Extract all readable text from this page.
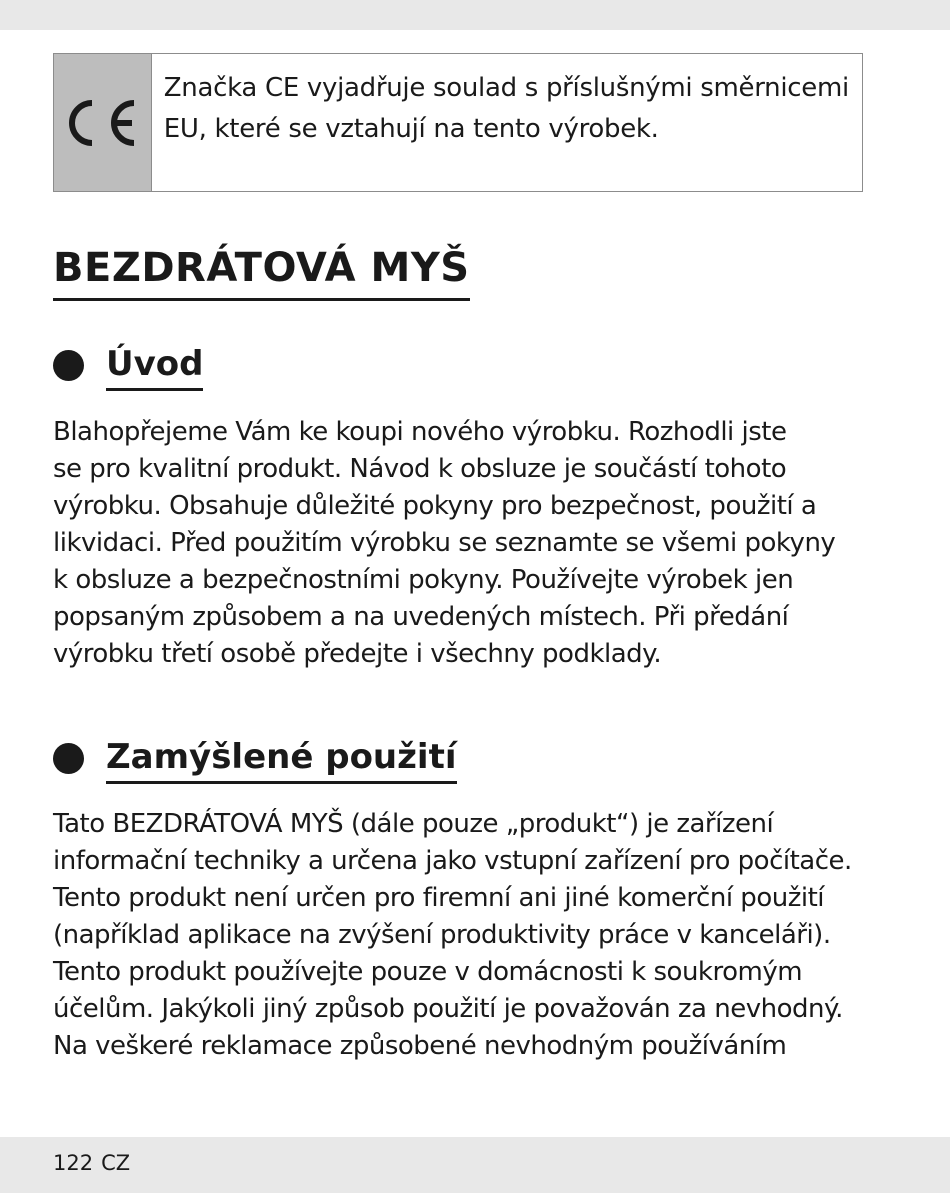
Značka CE vyjadřuje soulad s příslušnými směrnicemi EU, které se vztahují na tento výrobek.
BEZDRÁTOVÁ MYŠ
Úvod

Blahopřejeme Vám ke koupi nového výrobku. Rozhodli jste
se pro kvalitní produkt. Návod k obsluze je součástí tohoto
výrobku. Obsahuje důležité pokyny pro bezpečnost, použití a
likvidaci. Před použitím výrobku se seznamte se všemi pokyny
k obsluze a bezpečnostními pokyny. Používejte výrobek jen
popsaným způsobem a na uvedených místech. Při předání
výrobku třetí osobě předejte i všechny podklady.

Zamýšlené použití

Tato BEZDRÁTOVÁ MYŠ (dále pouze „produkt“) je zařízení
informační techniky a určena jako vstupní zařízení pro počítače.
Tento produkt není určen pro firemní ani jiné komerční použití
(například aplikace na zvýšení produktivity práce v kanceláři).
Tento produkt používejte pouze v domácnosti k soukromým
účelům. Jakýkoli jiný způsob použití je považován za nevhodný.
Na veškeré reklamace způsobené nevhodným používáním

122 CZ
